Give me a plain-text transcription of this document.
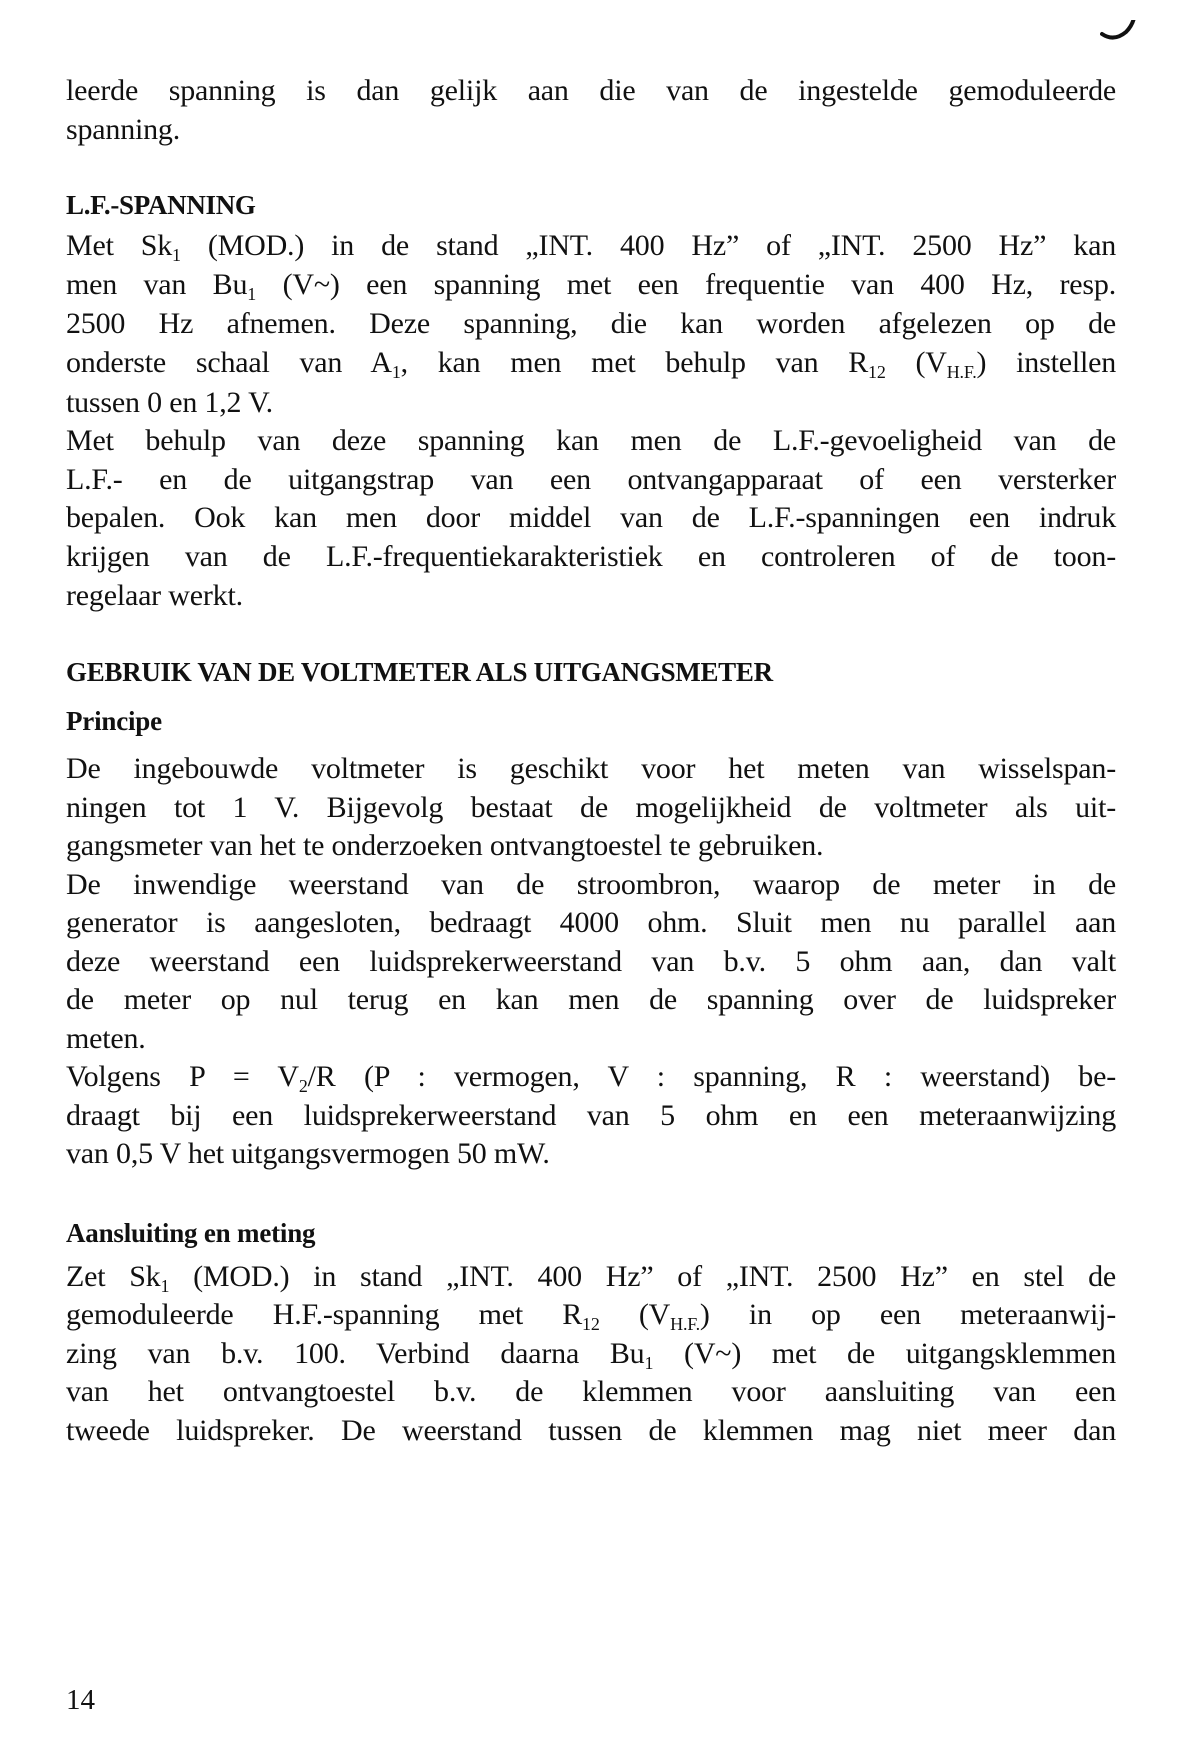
leerde spanning is dan gelijk aan die van de ingestelde gemoduleerde
spanning.
L.F.-SPANNING
Met $Sk_1$ (MOD.) in de stand „INT. 400 Hz” of „INT. 2500 Hz” kan
men van $Bu_1$ (V~) een spanning met een frequentie van 400 Hz, resp.
2500 Hz afnemen. Deze spanning, die kan worden afgelezen op de
onderste schaal van $A_1$, kan men met behulp van $R_{12}$ $(V_{H.F.})$ instellen
tussen 0 en 1,2 V.
Met behulp van deze spanning kan men de L.F.-gevoeligheid van de
L.F.- en de uitgangstrap van een ontvangapparaat of een versterker
bepalen. Ook kan men door middel van de L.F.-spanningen een indruk
krijgen van de L.F.-frequentiekarakteristiek en controleren of de toon-
regelaar werkt.
GEBRUIK VAN DE VOLTMETER ALS UITGANGSMETER
Principe
De ingebouwde voltmeter is geschikt voor het meten van wisselspan-
ningen tot 1 V. Bijgevolg bestaat de mogelijkheid de voltmeter als uit-
gangsmeter van het te onderzoeken ontvangtoestel te gebruiken.
De inwendige weerstand van de stroombron, waarop de meter in de
generator is aangesloten, bedraagt 4000 ohm. Sluit men nu parallel aan
deze weerstand een luidsprekerweerstand van b.v. 5 ohm aan, dan valt
de meter op nul terug en kan men de spanning over de luidspreker
meten.
Volgens $P = V_2/R$ (P : vermogen, V : spanning, R : weerstand) be-
draagt bij een luidsprekerweerstand van 5 ohm en een meteraanwijzing
van 0,5 V het uitgangsvermogen 50 mW.
Aansluiting en meting
Zet $Sk_1$ (MOD.) in stand „INT. 400 Hz” of „INT. 2500 Hz” en stel de
gemoduleerde H.F.-spanning met $R_{12}$ $(V_{H.F.})$ in op een meteraanwij-
zing van b.v. 100. Verbind daarna $Bu_1$ (V~) met de uitgangsklemmen
van het ontvangtoestel b.v. de klemmen voor aansluiting van een
tweede luidspreker. De weerstand tussen de klemmen mag niet meer dan
14
